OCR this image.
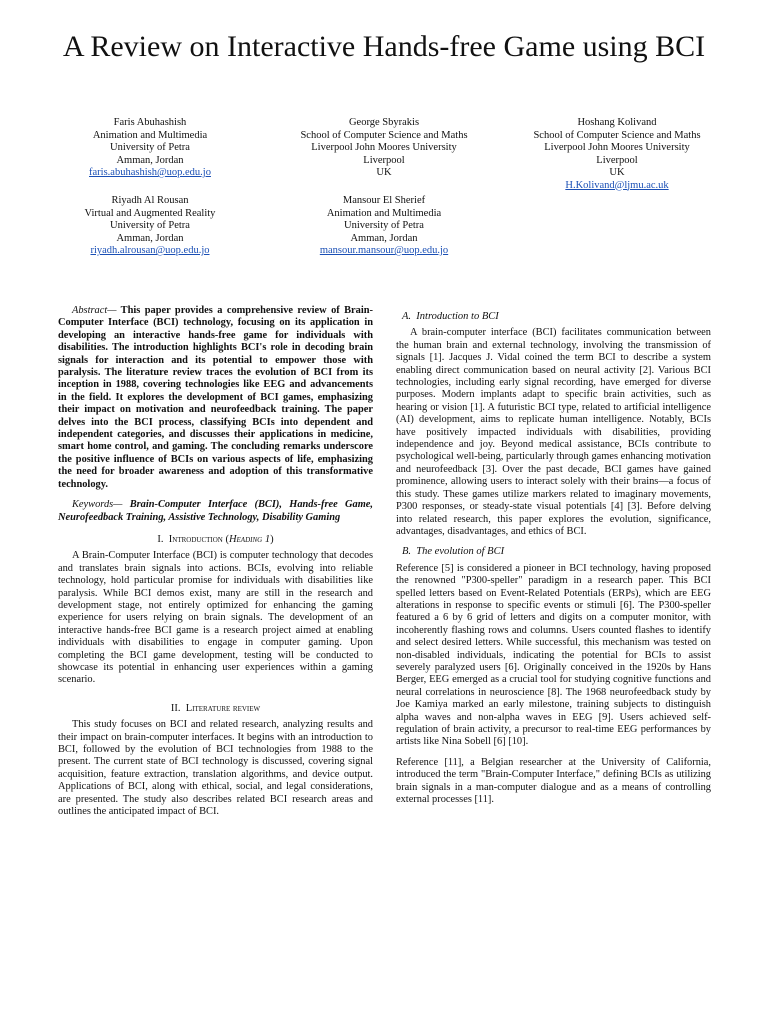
A Review on Interactive Hands-free Game using BCI
Faris Abuhashish
Animation and Multimedia
University of Petra
Amman, Jordan
faris.abuhashish@uop.edu.jo
George Sbyrakis
School of Computer Science and Maths
Liverpool John Moores University
Liverpool
UK
Hoshang Kolivand
School of Computer Science and Maths
Liverpool John Moores University
Liverpool
UK
H.Kolivand@ljmu.ac.uk
Riyadh Al Rousan
Virtual and Augmented Reality
University of Petra
Amman, Jordan
riyadh.alrousan@uop.edu.jo
Mansour El Sherief
Animation and Multimedia
University of Petra
Amman, Jordan
mansour.mansour@uop.edu.jo

Abstract— This paper provides a comprehensive review of Brain-Computer Interface (BCI) technology, focusing on its application in developing an interactive hands-free game for individuals with disabilities. The introduction highlights BCI's role in decoding brain signals for interaction and its potential to empower those with paralysis. The literature review traces the evolution of BCI from its inception in 1988, covering technologies like EEG and advancements in the field. It explores the development of BCI games, emphasizing their impact on motivation and neurofeedback training. The paper delves into the BCI process, classifying BCIs into dependent and independent categories, and discusses their applications in medicine, smart home control, and gaming. The concluding remarks underscore the positive influence of BCIs on various aspects of life, emphasizing the need for broader awareness and adoption of this transformative technology.

Keywords— Brain-Computer Interface (BCI), Hands-free Game, Neurofeedback Training, Assistive Technology, Disability Gaming

I. Introduction (Heading 1)

A Brain-Computer Interface (BCI) is computer technology that decodes and translates brain signals into actions. BCIs, evolving into reliable technology, hold particular promise for individuals with disabilities like paralysis. While BCI demos exist, many are still in the research and development stage, not entirely optimized for enhancing the gaming experience for users relying on brain signals. The development of an interactive hands-free BCI game is a research project aimed at enabling individuals with disabilities to engage in computer gaming. Upon completing the BCI game development, testing will be conducted to showcase its potential in enhancing user experiences within a gaming scenario.

II. Literature review

This study focuses on BCI and related research, analyzing results and their impact on brain-computer interfaces. It begins with an introduction to BCI, followed by the evolution of BCI technologies from 1988 to the present. The current state of BCI technology is discussed, covering signal acquisition, feature extraction, translation algorithms, and device output. Applications of BCI, along with ethical, social, and legal considerations, are presented. The study also describes related BCI research areas and outlines the anticipated impact of BCI.

A. Introduction to BCI

A brain-computer interface (BCI) facilitates communication between the human brain and external technology, involving the transmission of signals [1]. Jacques J. Vidal coined the term BCI to describe a system enabling direct communication based on neural activity [2]. Various BCI technologies, including early signal recording, have emerged for diverse purposes. Modern implants adapt to specific brain activities, such as hearing or vision [1]. A futuristic BCI type, related to artificial intelligence (AI) development, aims to replicate human intelligence. Notably, BCIs have positively impacted individuals with disabilities, providing independence and joy. Beyond medical assistance, BCIs contribute to psychological well-being, particularly through games enhancing motivation and neurofeedback [3]. Over the past decade, BCI games have gained prominence, allowing users to interact solely with their brains—a focus of this study. These games utilize markers related to imaginary movements, P300 responses, or steady-state visual potentials [4] [3]. Before delving into related research, this paper explores the evolution, significance, advantages, disadvantages, and ethics of BCI.

B. The evolution of BCI

Reference [5] is considered a pioneer in BCI technology, having proposed the renowned "P300-speller" paradigm in a research paper. This BCI spelled letters based on Event-Related Potentials (ERPs), which are EEG alterations in response to specific events or stimuli [6]. The P300-speller featured a 6 by 6 grid of letters and digits on a computer monitor, with incoherently flashing rows and columns. Users counted flashes to identify and select desired letters. While successful, this mechanism was tested on non-disabled individuals, indicating the potential for BCIs to assist severely paralyzed users [6]. Originally conceived in the 1920s by Hans Berger, EEG emerged as a crucial tool for studying cognitive functions and neural correlations in neuroscience [8]. The 1968 neurofeedback study by Joe Kamiya marked an early milestone, training subjects to distinguish alpha waves and non-alpha waves in EEG [9]. Users achieved self-regulation of brain activity, a precursor to real-time EEG performances by artists like Nina Sobell [6] [10].

Reference [11], a Belgian researcher at the University of California, introduced the term "Brain-Computer Interface," defining BCIs as utilizing brain signals in a man-computer dialogue and as a means of controlling external processes [11].
